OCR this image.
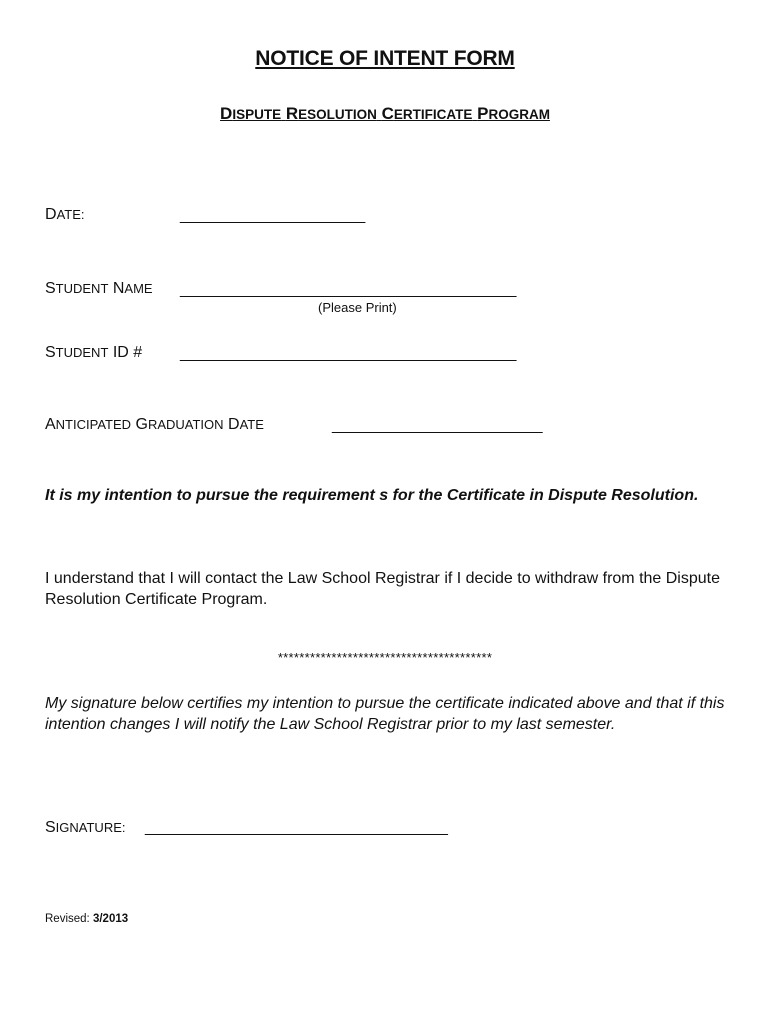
NOTICE OF INTENT FORM
DISPUTE RESOLUTION CERTIFICATE PROGRAM
DATE:	______________________
STUDENT NAME ________________________________________
(Please Print)
STUDENT ID # ________________________________________
ANTICIPATED GRADUATION DATE	_________________________
It is my intention to pursue the requirement s for the Certificate in Dispute Resolution.
I understand that I will contact the Law School Registrar if I decide to withdraw from the Dispute Resolution Certificate Program.
****************************************
My signature below certifies my intention to pursue the certificate indicated above and that if this intention changes I will notify the Law School Registrar prior to my last semester.
SIGNATURE: ____________________________________
Revised: 3/2013
